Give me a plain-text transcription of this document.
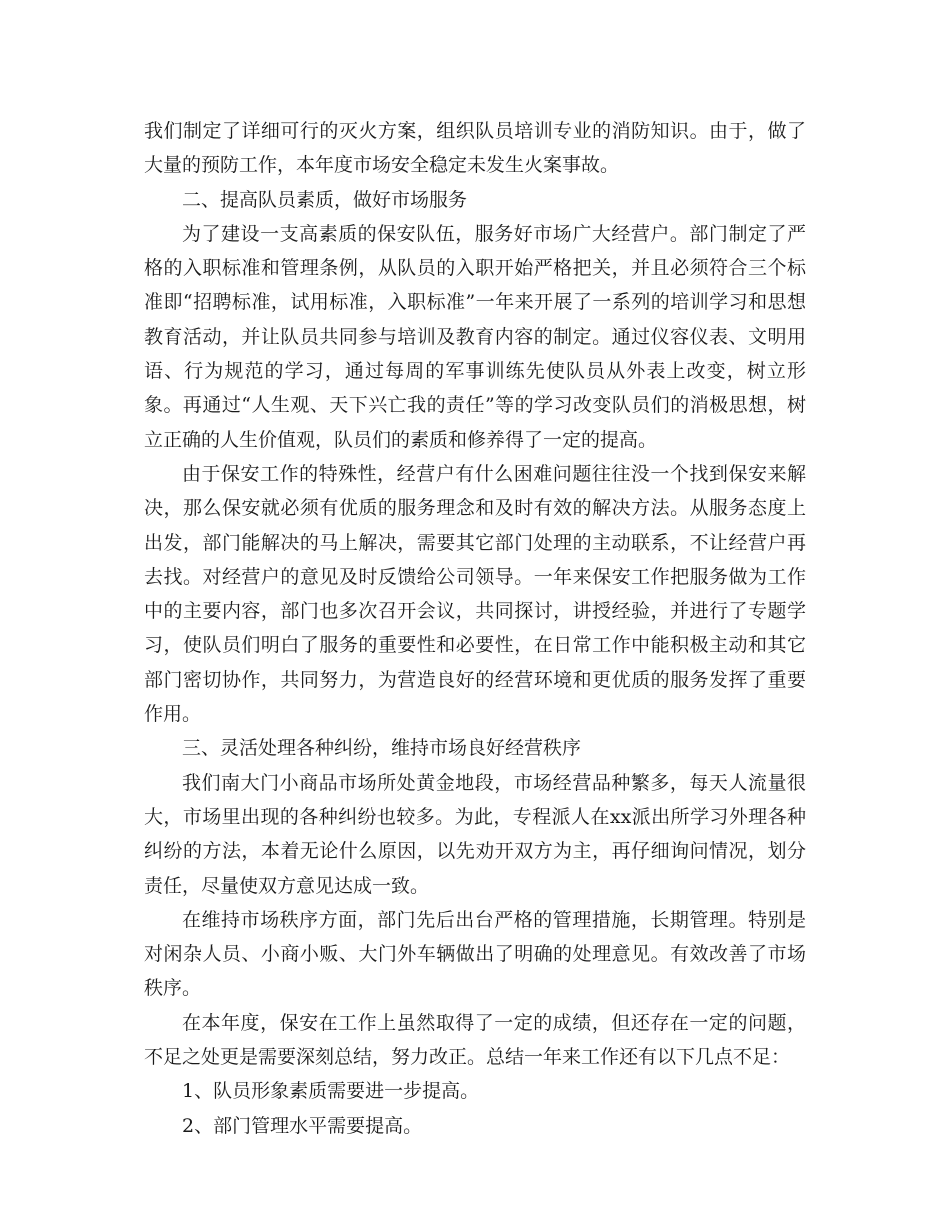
我们制定了详细可行的灭火方案，组织队员培训专业的消防知识。由于，做了大量的预防工作，本年度市场安全稳定未发生火案事故。

二、提高队员素质，做好市场服务

为了建设一支高素质的保安队伍，服务好市场广大经营户。部门制定了严格的入职标准和管理条例，从队员的入职开始严格把关，并且必须符合三个标准即“招聘标准，试用标准，入职标准”一年来开展了一系列的培训学习和思想教育活动，并让队员共同参与培训及教育内容的制定。通过仪容仪表、文明用语、行为规范的学习，通过每周的军事训练先使队员从外表上改变，树立形象。再通过“人生观、天下兴亡我的责任”等的学习改变队员们的消极思想，树立正确的人生价值观，队员们的素质和修养得了一定的提高。

由于保安工作的特殊性，经营户有什么困难问题往往没一个找到保安来解决，那么保安就必须有优质的服务理念和及时有效的解决方法。从服务态度上出发，部门能解决的马上解决，需要其它部门处理的主动联系，不让经营户再去找。对经营户的意见及时反馈给公司领导。一年来保安工作把服务做为工作中的主要内容，部门也多次召开会议，共同探讨，讲授经验，并进行了专题学习，使队员们明白了服务的重要性和必要性，在日常工作中能积极主动和其它部门密切协作，共同努力，为营造良好的经营环境和更优质的服务发挥了重要作用。

三、灵活处理各种纠纷，维持市场良好经营秩序

我们南大门小商品市场所处黄金地段，市场经营品种繁多，每天人流量很大，市场里出现的各种纠纷也较多。为此，专程派人在xx派出所学习外理各种纠纷的方法，本着无论什么原因，以先劝开双方为主，再仔细询问情况，划分责任，尽量使双方意见达成一致。

在维持市场秩序方面，部门先后出台严格的管理措施，长期管理。特别是对闲杂人员、小商小贩、大门外车辆做出了明确的处理意见。有效改善了市场秩序。

在本年度，保安在工作上虽然取得了一定的成绩，但还存在一定的问题，不足之处更是需要深刻总结，努力改正。总结一年来工作还有以下几点不足：

1、队员形象素质需要进一步提高。

2、部门管理水平需要提高。
